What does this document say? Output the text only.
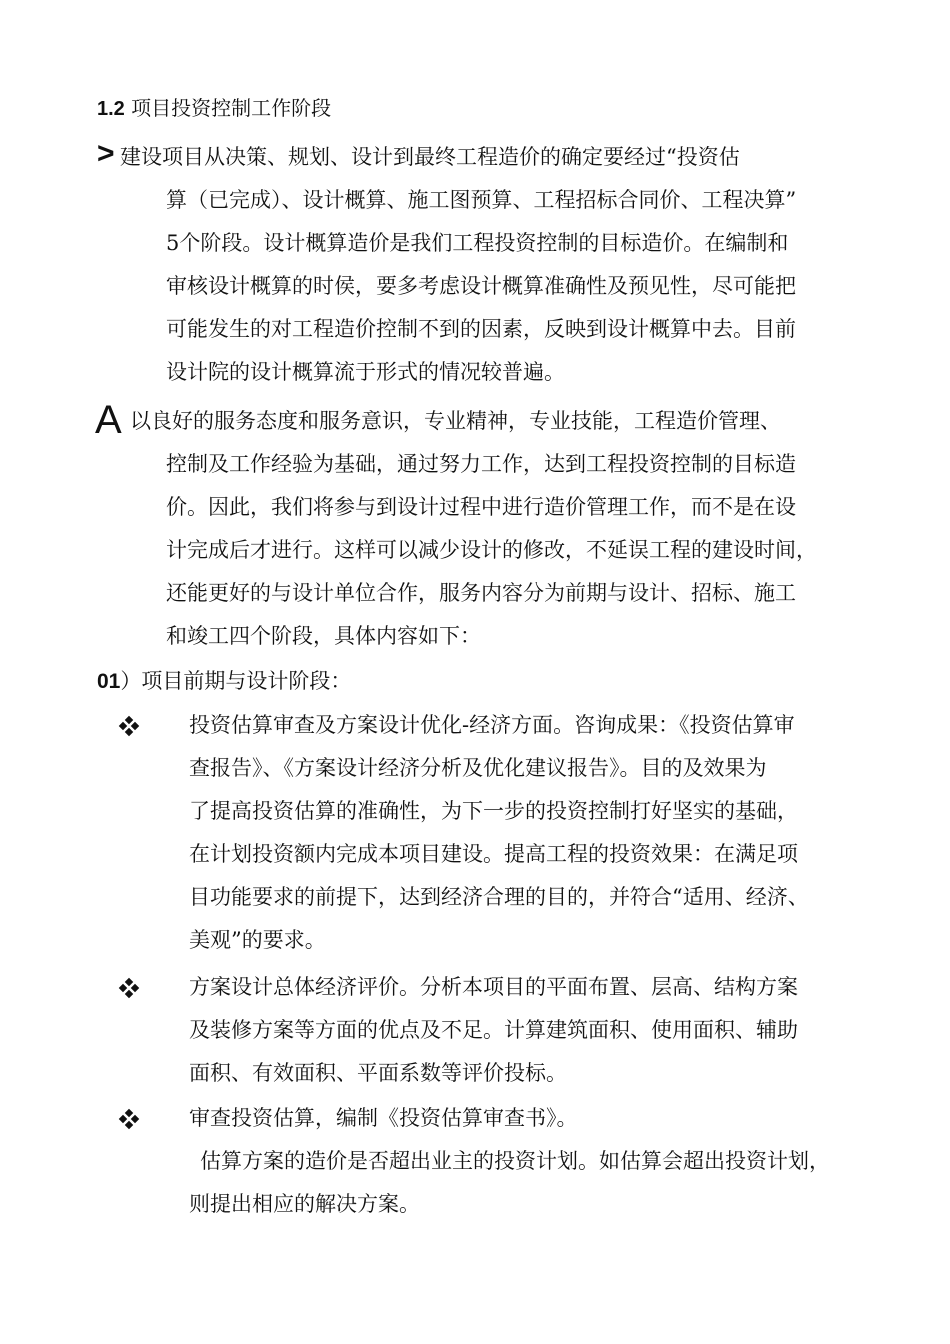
1.2 项目投资控制工作阶段
> 建设项目从决策、规划、设计到最终工程造价的确定要经过“投资估
算（已完成）、设计概算、施工图预算、工程招标合同价、工程决算”
5个阶段。设计概算造价是我们工程投资控制的目标造价。在编制和
审核设计概算的时侯，要多考虑设计概算准确性及预见性，尽可能把
可能发生的对工程造价控制不到的因素，反映到设计概算中去。目前
设计院的设计概算流于形式的情况较普遍。
A 以良好的服务态度和服务意识，专业精神，专业技能，工程造价管理、
控制及工作经验为基础，通过努力工作，达到工程投资控制的目标造
价。因此，我们将参与到设计过程中进行造价管理工作，而不是在设
计完成后才进行。这样可以减少设计的修改，不延误工程的建设时间，
还能更好的与设计单位合作，服务内容分为前期与设计、招标、施工
和竣工四个阶段，具体内容如下：
01）项目前期与设计阶段：
投资估算审查及方案设计优化-经济方面。咨询成果：《投资估算审
查报告》、《方案设计经济分析及优化建议报告》。目的及效果为
了提高投资估算的准确性，为下一步的投资控制打好坚实的基础，
在计划投资额内完成本项目建设。提高工程的投资效果：在满足项
目功能要求的前提下，达到经济合理的目的，并符合“适用、经济、
美观”的要求。
方案设计总体经济评价。分析本项目的平面布置、层高、结构方案
及装修方案等方面的优点及不足。计算建筑面积、使用面积、辅助
面积、有效面积、平面系数等评价投标。
审查投资估算，编制《投资估算审查书》。
估算方案的造价是否超出业主的投资计划。如估算会超出投资计划，
则提出相应的解决方案。
